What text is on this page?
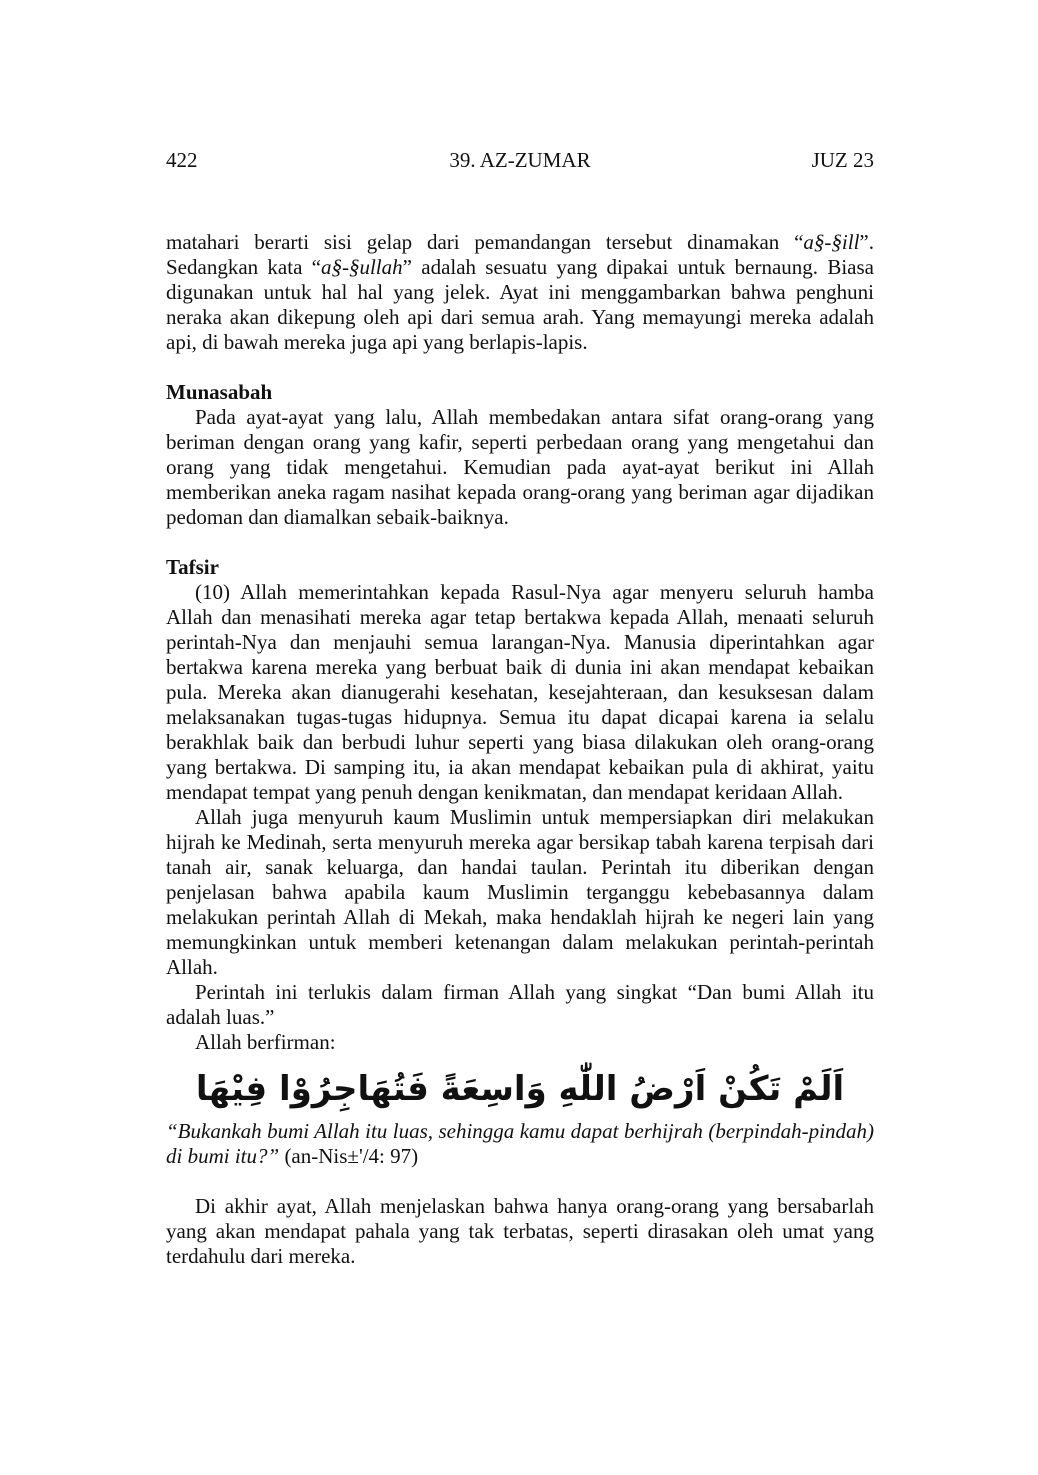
422	39. AZ-ZUMAR	JUZ 23

matahari berarti sisi gelap dari pemandangan tersebut dinamakan “a§-§ill”. Sedangkan kata “a§-§ullah” adalah sesuatu yang dipakai untuk bernaung. Biasa digunakan untuk hal hal yang jelek. Ayat ini menggambarkan bahwa penghuni neraka akan dikepung oleh api dari semua arah. Yang memayungi mereka adalah api, di bawah mereka juga api yang berlapis-lapis.

Munasabah

Pada ayat-ayat yang lalu, Allah membedakan antara sifat orang-orang yang beriman dengan orang yang kafir, seperti perbedaan orang yang mengetahui dan orang yang tidak mengetahui. Kemudian pada ayat-ayat berikut ini Allah memberikan aneka ragam nasihat kepada orang-orang yang beriman agar dijadikan pedoman dan diamalkan sebaik-baiknya.

Tafsir

(10) Allah memerintahkan kepada Rasul-Nya agar menyeru seluruh hamba Allah dan menasihati mereka agar tetap bertakwa kepada Allah, menaati seluruh perintah-Nya dan menjauhi semua larangan-Nya. Manusia diperintahkan agar bertakwa karena mereka yang berbuat baik di dunia ini akan mendapat kebaikan pula. Mereka akan dianugerahi kesehatan, kesejahteraan, dan kesuksesan dalam melaksanakan tugas-tugas hidupnya. Semua itu dapat dicapai karena ia selalu berakhlak baik dan berbudi luhur seperti yang biasa dilakukan oleh orang-orang yang bertakwa. Di samping itu, ia akan mendapat kebaikan pula di akhirat, yaitu mendapat tempat yang penuh dengan kenikmatan, dan mendapat keridaan Allah.

Allah juga menyuruh kaum Muslimin untuk mempersiapkan diri melakukan hijrah ke Medinah, serta menyuruh mereka agar bersikap tabah karena terpisah dari tanah air, sanak keluarga, dan handai taulan. Perintah itu diberikan dengan penjelasan bahwa apabila kaum Muslimin terganggu kebebasannya dalam melakukan perintah Allah di Mekah, maka hendaklah hijrah ke negeri lain yang memungkinkan untuk memberi ketenangan dalam melakukan perintah-perintah Allah.

Perintah ini terlukis dalam firman Allah yang singkat “Dan bumi Allah itu adalah luas.”

Allah berfirman:

اَلَمْ تَكُنْ اَرْضُ اللّٰهِ وَاسِعَةً فَتُهَاجِرُوْا فِيْهَا

“Bukankah bumi Allah itu luas, sehingga kamu dapat berhijrah (berpindah-pindah) di bumi itu?” (an-Nis±'/4: 97)

Di akhir ayat, Allah menjelaskan bahwa hanya orang-orang yang bersabarlah yang akan mendapat pahala yang tak terbatas, seperti dirasakan oleh umat yang terdahulu dari mereka.
